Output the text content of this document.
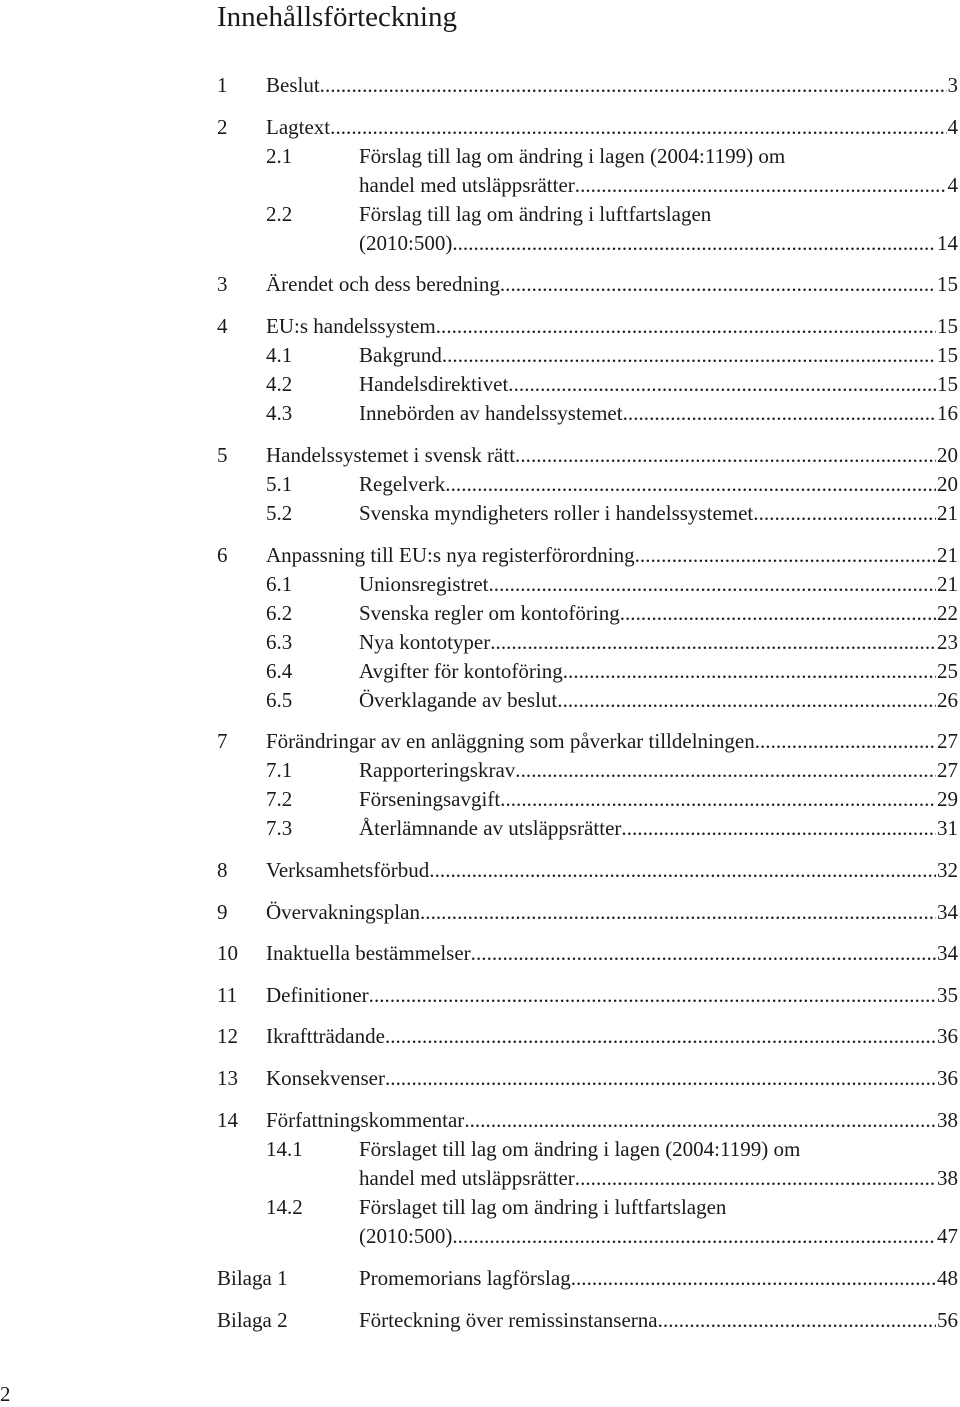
Innehållsförteckning
1 Beslut . . .	3
2 Lagtext . . .	4
2.1	Förslag till lag om ändring i lagen (2004:1199) om
handel med utsläppsrätter . . .	4
2.2	Förslag till lag om ändring i luftfartslagen
(2010:500) . . .	14
3 Ärendet och dess beredning . . .	15
4 EU:s handelssystem . . .	15
4.1	Bakgrund . . .	15
4.2	Handelsdirektivet . . .	15
4.3	Innebörden av handelssystemet . . .	16
5 Handelssystemet i svensk rätt . . .	20
5.1	Regelverk . . .	20
5.2	Svenska myndigheters roller i handelssystemet . . .	21
6 Anpassning till EU:s nya registerförordning . . .	21
6.1	Unionsregistret . . .	21
6.2	Svenska regler om kontoföring . . .	22
6.3	Nya kontotyper . . .	23
6.4	Avgifter för kontoföring . . .	25
6.5	Överklagande av beslut . . .	26
7 Förändringar av en anläggning som påverkar tilldelningen . . .	27
7.1	Rapporteringskrav . . .	27
7.2	Förseningsavgift . . .	29
7.3	Återlämnande av utsläppsrätter . . .	31
8 Verksamhetsförbud . . .	32
9 Övervakningsplan . . .	34
10 Inaktuella bestämmelser . . .	34
11 Definitioner . . .	35
12 Ikraftträdande . . .	36
13 Konsekvenser . . .	36
14 Författningskommentar . . .	38
14.1	Förslaget till lag om ändring i lagen (2004:1199) om
handel med utsläppsrätter . . .	38
14.2	Förslaget till lag om ändring i luftfartslagen
(2010:500) . . .	47
Bilaga 1	Promemorians lagförslag . . .	48
Bilaga 2	Förteckning över remissinstanserna . . .	56
2
